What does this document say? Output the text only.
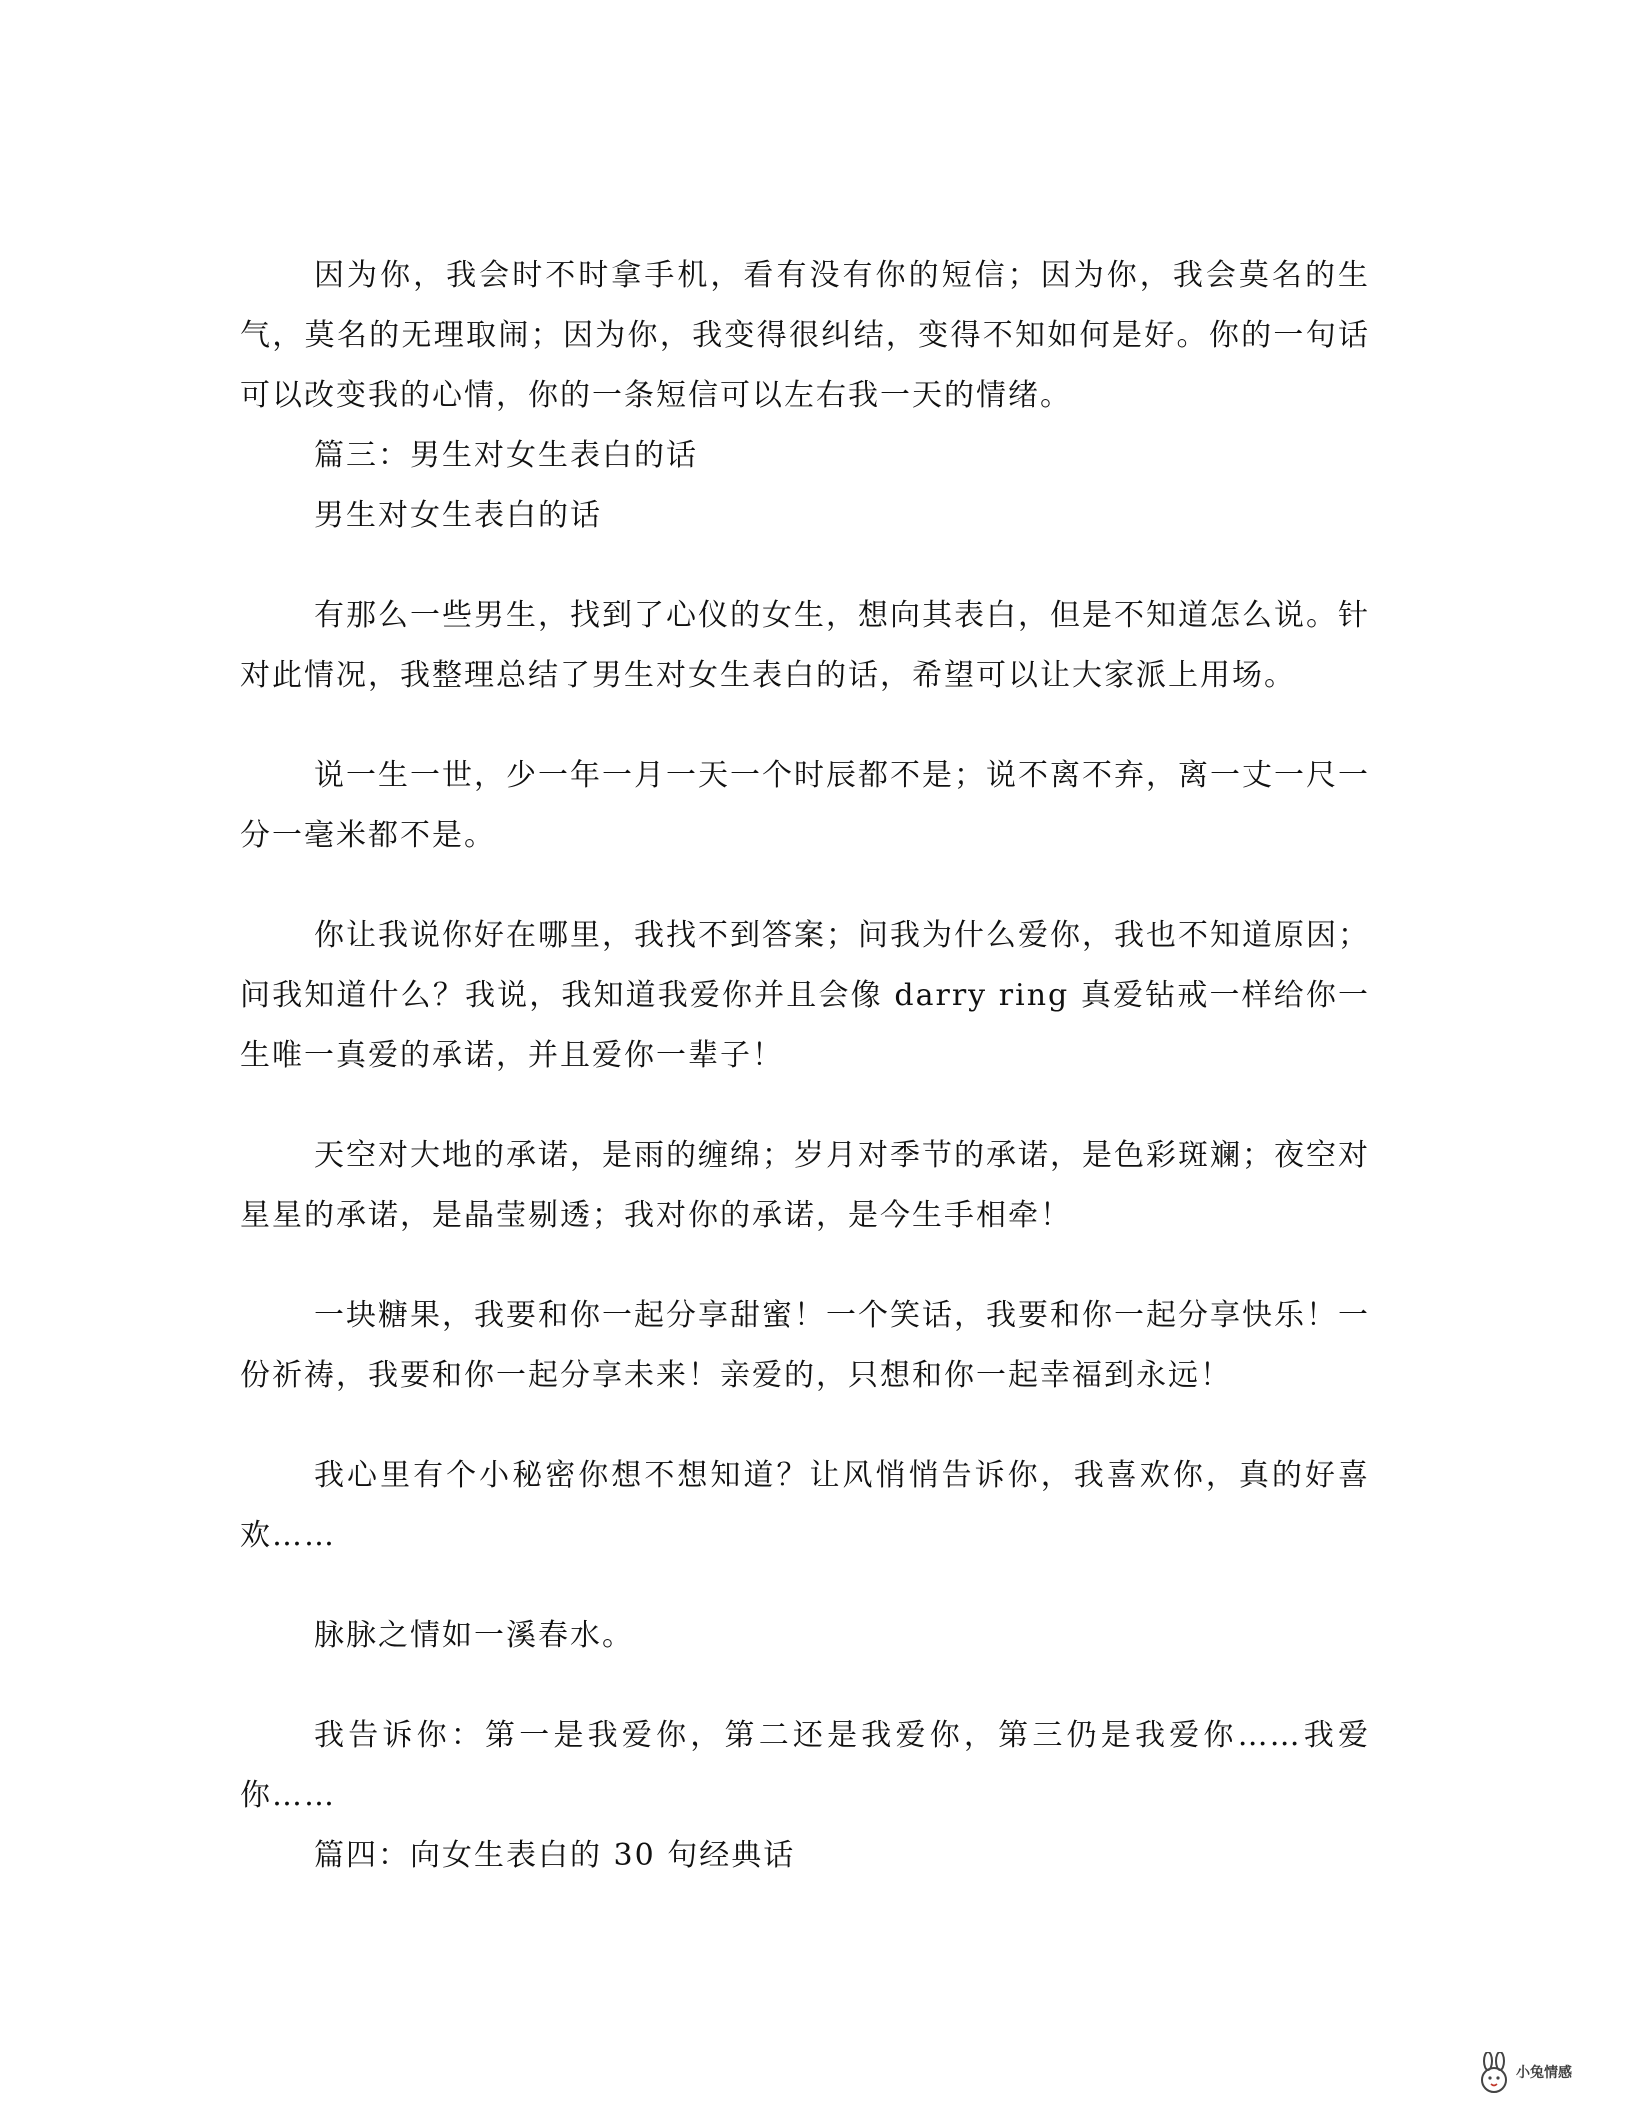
因为你，我会时不时拿手机，看有没有你的短信；因为你，我会莫名的生气，莫名的无理取闹；因为你，我变得很纠结，变得不知如何是好。你的一句话可以改变我的心情，你的一条短信可以左右我一天的情绪。

篇三：男生对女生表白的话

男生对女生表白的话

有那么一些男生，找到了心仪的女生，想向其表白，但是不知道怎么说。针对此情况，我整理总结了男生对女生表白的话，希望可以让大家派上用场。

说一生一世，少一年一月一天一个时辰都不是；说不离不弃，离一丈一尺一分一毫米都不是。

你让我说你好在哪里，我找不到答案；问我为什么爱你，我也不知道原因；问我知道什么？我说，我知道我爱你并且会像 darry ring 真爱钻戒一样给你一生唯一真爱的承诺，并且爱你一辈子！

天空对大地的承诺，是雨的缠绵；岁月对季节的承诺，是色彩斑斓；夜空对星星的承诺，是晶莹剔透；我对你的承诺，是今生手相牵！

一块糖果，我要和你一起分享甜蜜！一个笑话，我要和你一起分享快乐！一份祈祷，我要和你一起分享未来！亲爱的，只想和你一起幸福到永远！

我心里有个小秘密你想不想知道？让风悄悄告诉你，我喜欢你，真的好喜欢……

脉脉之情如一溪春水。

我告诉你：第一是我爱你，第二还是我爱你，第三仍是我爱你……我爱你……

篇四：向女生表白的 30 句经典话

小兔情感
